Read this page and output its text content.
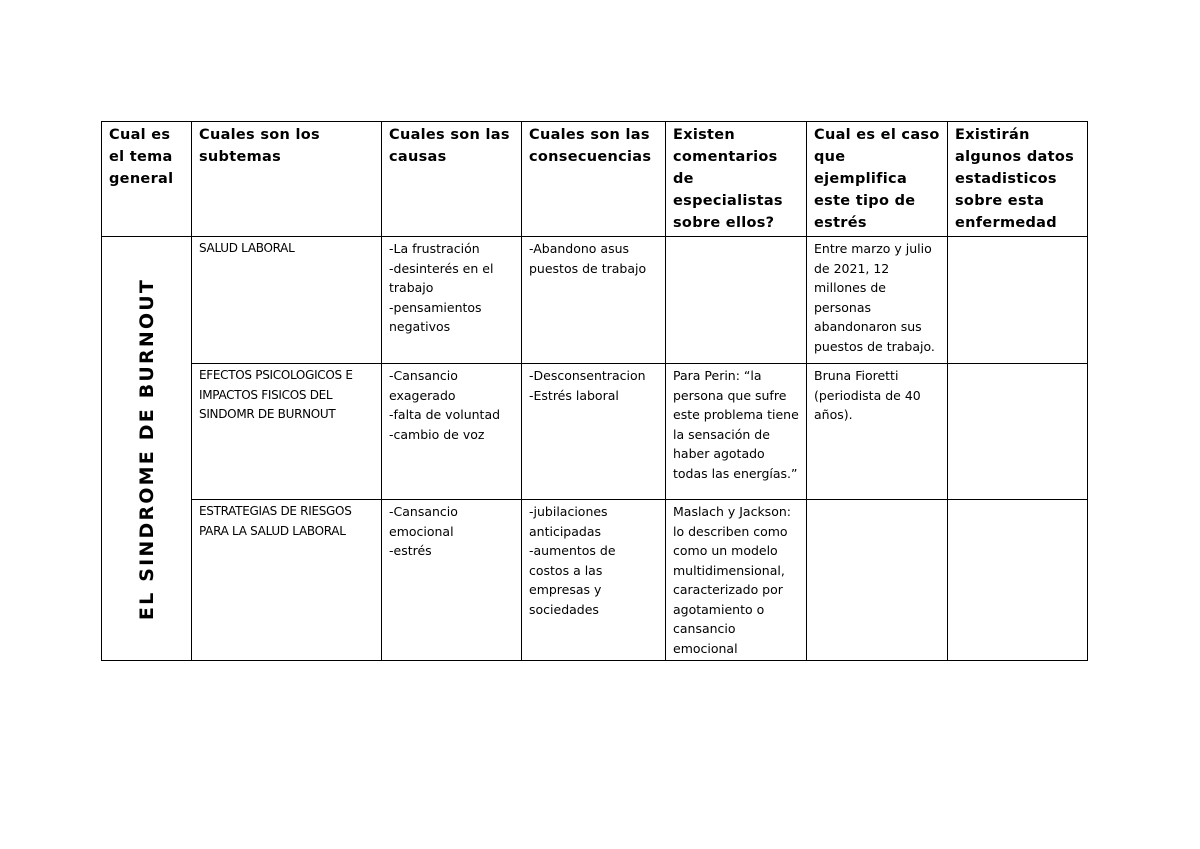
Cual es el tema general	Cuales son los subtemas	Cuales son las causas	Cuales son las consecuencias	Existen comentarios de especialistas sobre ellos?	Cual es el caso que ejemplifica este tipo de estrés	Existirán algunos datos estadisticos sobre esta enfermedad

EL SINDROME DE BURNOUT	SALUD LABORAL	-La frustración
-desinterés en el trabajo
-pensamientos negativos	-Abandono asus puestos de trabajo		Entre marzo y julio de 2021, 12 millones de personas abandonaron sus puestos de trabajo.	
	EFECTOS PSICOLOGICOS E IMPACTOS FISICOS DEL SINDOMR DE BURNOUT	-Cansancio exagerado
-falta de voluntad
-cambio de voz	-Desconsentracion
-Estrés laboral	Para Perin: “la persona que sufre este problema tiene la sensación de haber agotado todas las energías.”	Bruna Fioretti (periodista de 40 años).	
	ESTRATEGIAS DE RIESGOS PARA LA SALUD LABORAL	-Cansancio emocional
-estrés	-jubilaciones anticipadas
-aumentos de costos a las empresas y sociedades	Maslach y Jackson: lo describen como como un modelo multidimensional, caracterizado por agotamiento o cansancio emocional		
